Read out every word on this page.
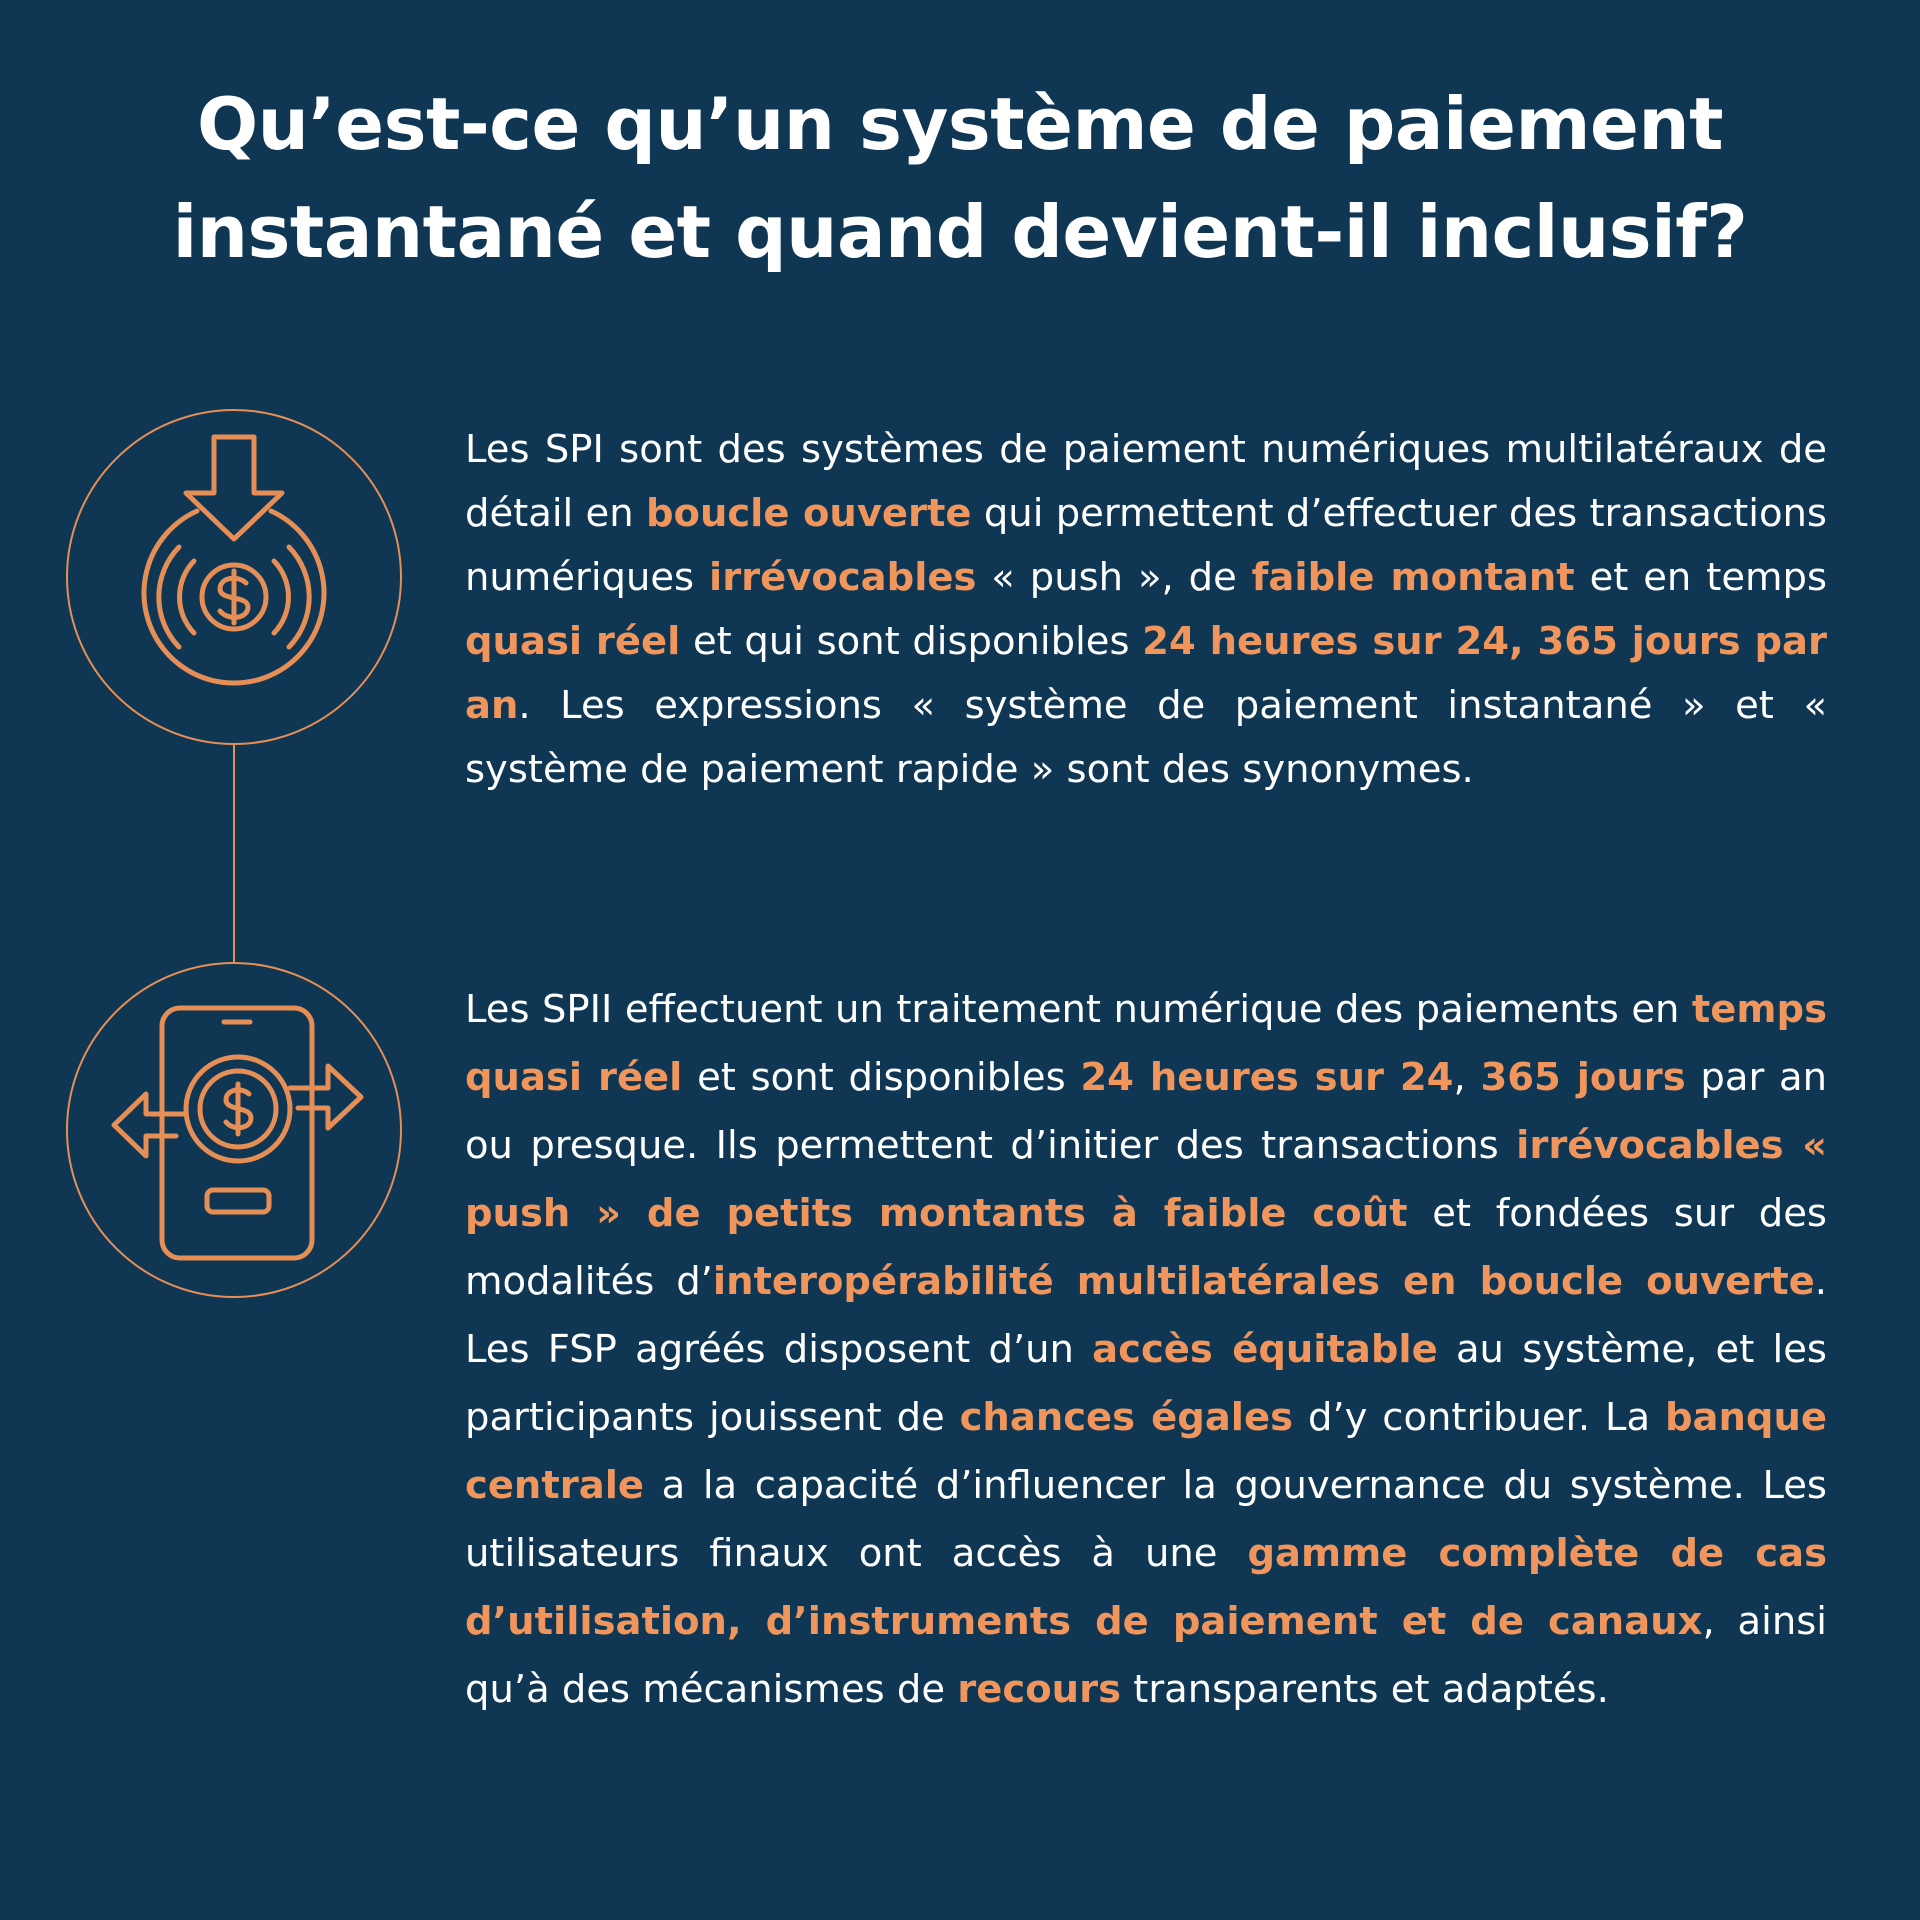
Qu’est-ce qu’un système de paiement
instantané et quand devient-il inclusif?

Les SPI sont des systèmes de paiement numériques multilatéraux de détail en boucle ouverte qui permettent d’effectuer des transactions numériques irrévocables « push », de faible montant et en temps quasi réel et qui sont disponibles 24 heures sur 24, 365 jours par an. Les expressions « système de paiement instantané » et « système de paiement rapide » sont des synonymes.

Les SPII effectuent un traitement numérique des paiements en temps quasi réel et sont disponibles 24 heures sur 24, 365 jours par an ou presque. Ils permettent d’initier des transactions irrévocables « push » de petits montants à faible coût et fondées sur des modalités d’interopérabilité multilatérales en boucle ouverte. Les FSP agréés disposent d’un accès équitable au système, et les participants jouissent de chances égales d’y contribuer. La banque centrale a la capacité d’influencer la gouvernance du système. Les utilisateurs finaux ont accès à une gamme complète de cas d’utilisation, d’instruments de paiement et de canaux, ainsi qu’à des mécanismes de recours transparents et adaptés.
